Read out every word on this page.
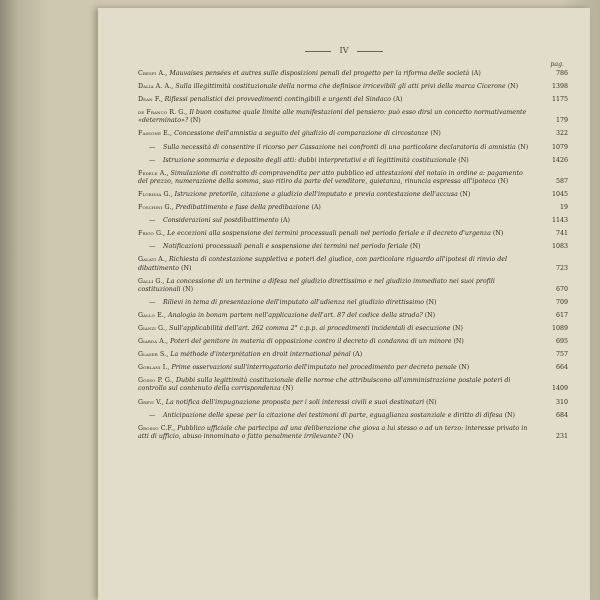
IV
pag.
Crespi A., Mauvaises pensées et autres sulle disposizioni penali del progetto per la riforma delle società (A)	786
Dalia A. A., Sulla illegittimità costituzionale della norma che definisce irricevibili gli atti privi della marca Cicerone (N)	1398
Dean F., Riflessi penalistici dei provvedimenti contingibili e urgenti del Sindaco (A)	1175
de Franco R. G., Il buon costume quale limite alle manifestazioni del pensiero: può esso dirsi un concetto normativamente «determinato»? (N)	179
Fassone E., Concessione dell'amnistia a seguito del giudizio di comparazione di circostanze (N)	322
— Sulla necessità di consentire il ricorso per Cassazione nei confronti di una particolare declaratoria di amnistia (N)	1079
— Istruzione sommaria e deposito degli atti: dubbi interpretativi e di legittimità costituzionale (N)	1426
Fedele A., Simulazione di contratto di compravendita per atto pubblico ed attestazioni del notaio in ordine a: pagamento del prezzo, numerazione della somma, suo ritiro da parte del venditore, quietanza, rinuncia espressa all'ipoteca (N)	587
Floridia G., Istruzione pretorile, citazione a giudizio dell'imputato e previa contestazione dell'accusa (N)	1045
Foschini G., Predibattimento e fase della predibazione (A)	19
— Considerazioni sul postdibattimento (A)	1143
Frigo G., Le eccezioni alla sospensione dei termini processuali penali nel periodo feriale e il decreto d'urgenza (N)	741
— Notificazioni processuali penali e sospensione dei termini nel periodo feriale (N)	1083
Galati A., Richiesta di contestazione suppletiva e poteri del giudice, con particolare riguardo all'ipotesi di rinvio del dibattimento (N)	723
Galli G., La concessione di un termine a difesa nel giudizio direttissimo e nel giudizio immediato nei suoi profili costituzionali (N)	670
— Rilievi in tema di presentazione dell'imputato all'udienza nel giudizio direttissimo (N)	709
Gallo E., Analogia in bonam partem nell'applicazione dell'art. 87 del codice della strada? (N)	617
Gianzi G., Sull'applicabilità dell'art. 262 comma 2° c.p.p. ai procedimenti incidentali di esecuzione (N)	1089
Giarda A., Poteri del genitore in materia di opposizione contro il decreto di condanna di un minore (N)	695
Glaser S., La méthode d'interprétation en droit international pénal (A)	757
Gorlani I., Prime osservazioni sull'interrogatorio dell'imputato nel procedimento per decreto penale (N)	664
Gosso P. G., Dubbi sulla legittimità costituzionale delle norme che attribuiscono all'amministrazione postale poteri di controllo sul contenuto della corrispondenza (N)	1409
Grevi V., La notifica dell'impugnazione proposta per i soli interessi civili e suoi destinatari (N)	310
— Anticipazione delle spese per la citazione dei testimoni di parte, eguaglianza sostanziale e diritto di difesa (N)	684
Grosso C.F., Pubblico ufficiale che partecipa ad una deliberazione che giova a lui stesso o ad un terzo: interesse privato in atti di ufficio, abuso innominato o fatto penalmente irrilevante? (N)	231
